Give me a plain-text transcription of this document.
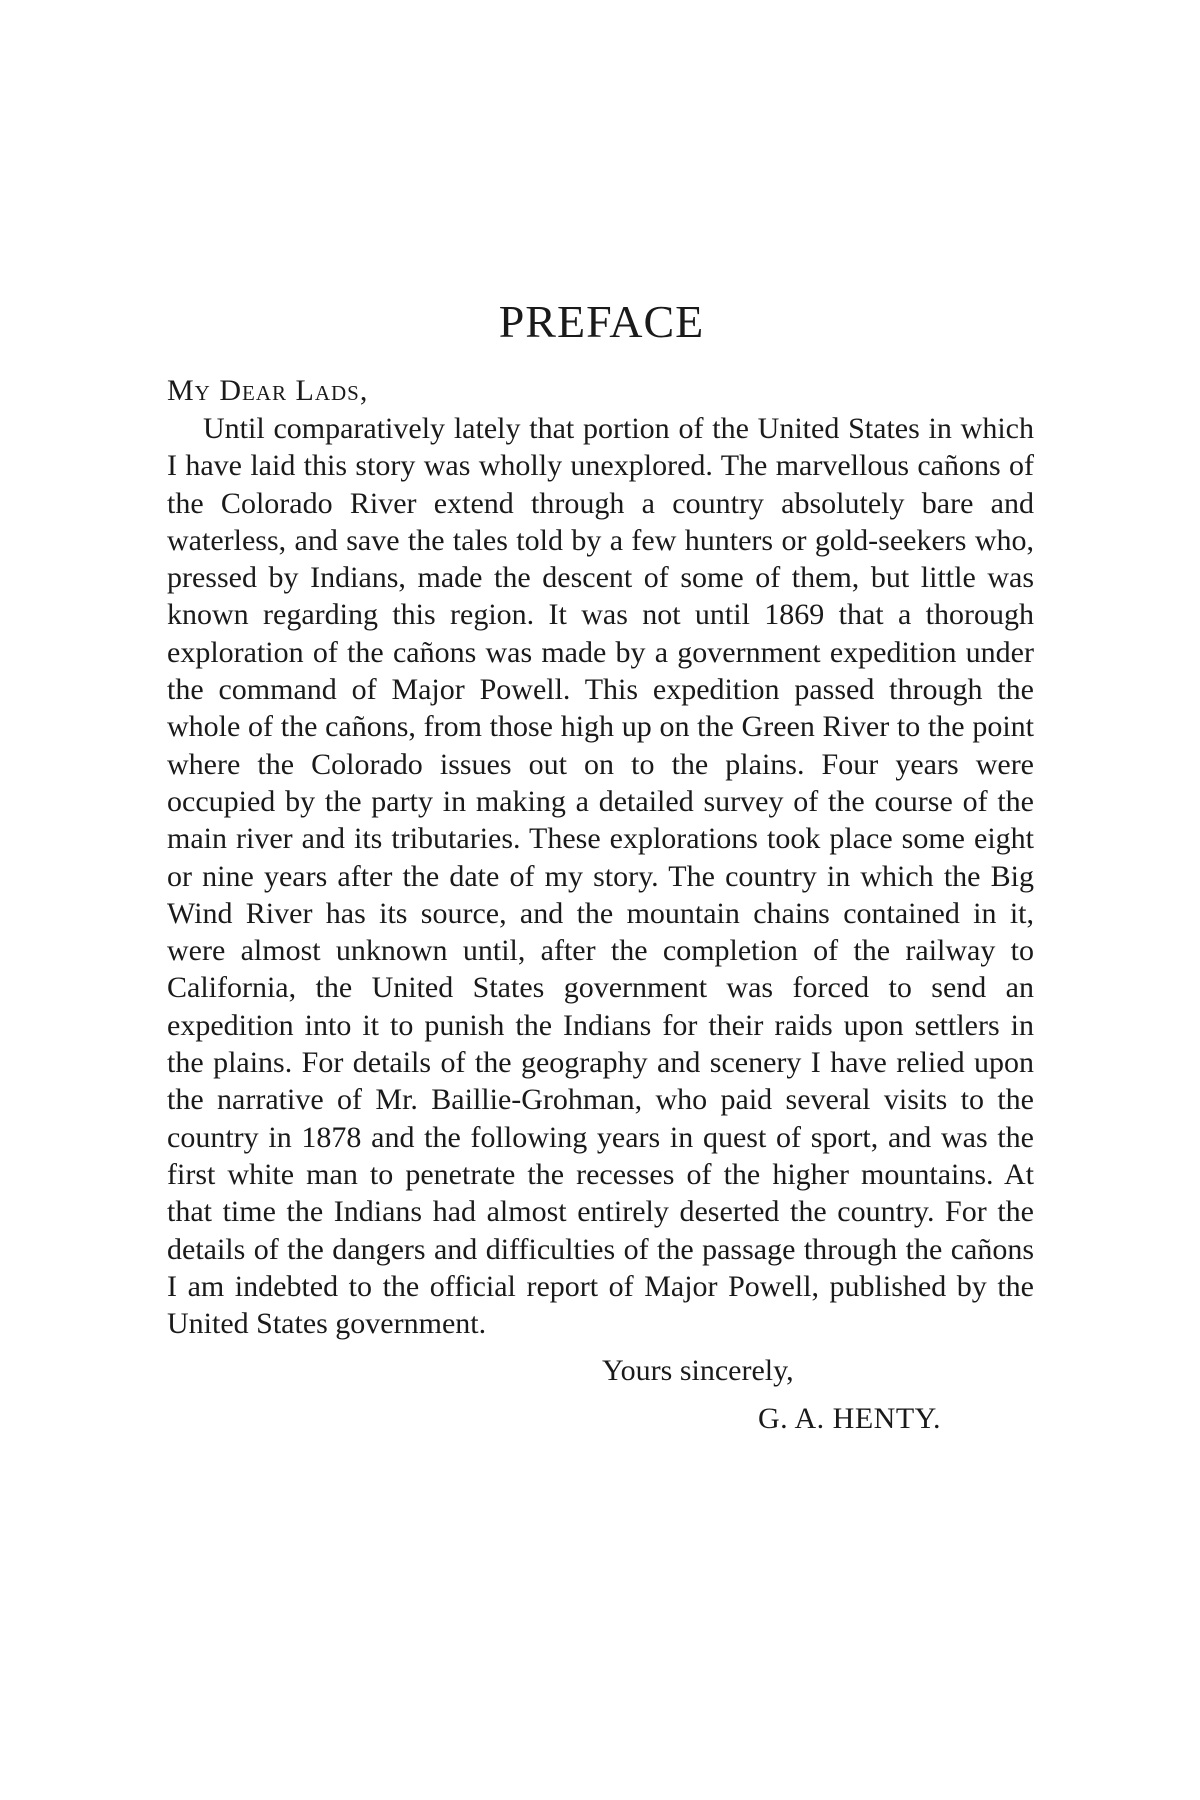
PREFACE

My Dear Lads,

Until comparatively lately that portion of the United States in which I have laid this story was wholly unexplored. The marvellous cañons of the Colorado River extend through a country absolutely bare and waterless, and save the tales told by a few hunters or gold-seekers who, pressed by Indians, made the descent of some of them, but little was known regarding this region. It was not until 1869 that a thorough exploration of the cañons was made by a government expedition under the command of Major Powell. This expedition passed through the whole of the cañons, from those high up on the Green River to the point where the Colorado issues out on to the plains. Four years were occupied by the party in making a detailed survey of the course of the main river and its tributaries. These explorations took place some eight or nine years after the date of my story. The country in which the Big Wind River has its source, and the mountain chains contained in it, were almost unknown until, after the completion of the railway to California, the United States government was forced to send an expedition into it to punish the Indians for their raids upon settlers in the plains. For details of the geography and scenery I have relied upon the narrative of Mr. Baillie-Grohman, who paid several visits to the country in 1878 and the following years in quest of sport, and was the first white man to penetrate the recesses of the higher mountains. At that time the Indians had almost entirely deserted the country. For the details of the dangers and difficulties of the passage through the cañons I am indebted to the official report of Major Powell, published by the United States government.

Yours sincerely,

G. A. HENTY.
